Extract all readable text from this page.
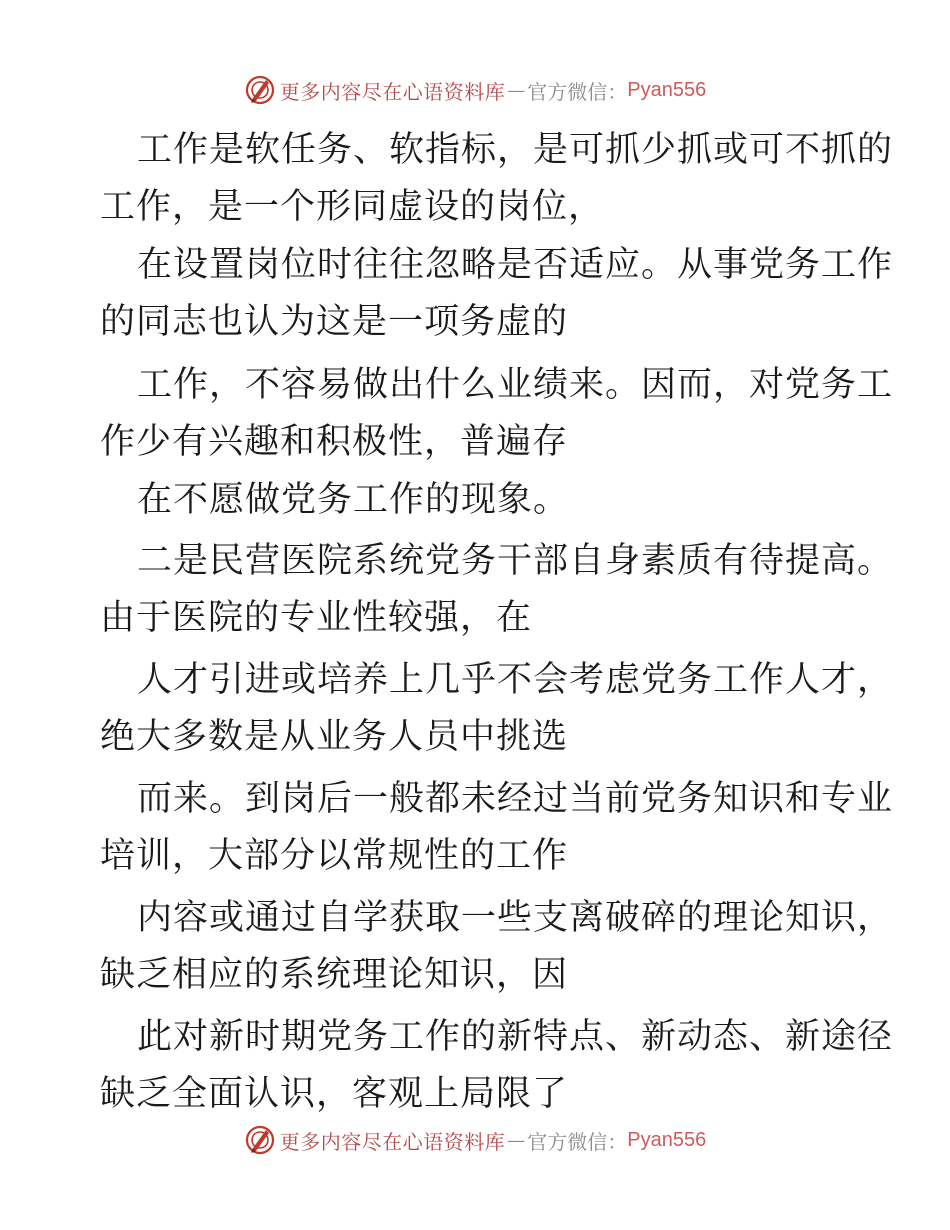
更多内容尽在心语资料库 — 官方微信： Pyan556
工作是软任务、软指标，是可抓少抓或可不抓的
工作，是一个形同虚设的岗位，
在设置岗位时往往忽略是否适应。从事党务工作
的同志也认为这是一项务虚的
工作，不容易做出什么业绩来。因而，对党务工
作少有兴趣和积极性，普遍存
在不愿做党务工作的现象。
二是民营医院系统党务干部自身素质有待提高。
由于医院的专业性较强，在
人才引进或培养上几乎不会考虑党务工作人才，
绝大多数是从业务人员中挑选
而来。到岗后一般都未经过当前党务知识和专业
培训，大部分以常规性的工作
内容或通过自学获取一些支离破碎的理论知识，
缺乏相应的系统理论知识，因
此对新时期党务工作的新特点、新动态、新途径
缺乏全面认识，客观上局限了
更多内容尽在心语资料库 — 官方微信： Pyan556
